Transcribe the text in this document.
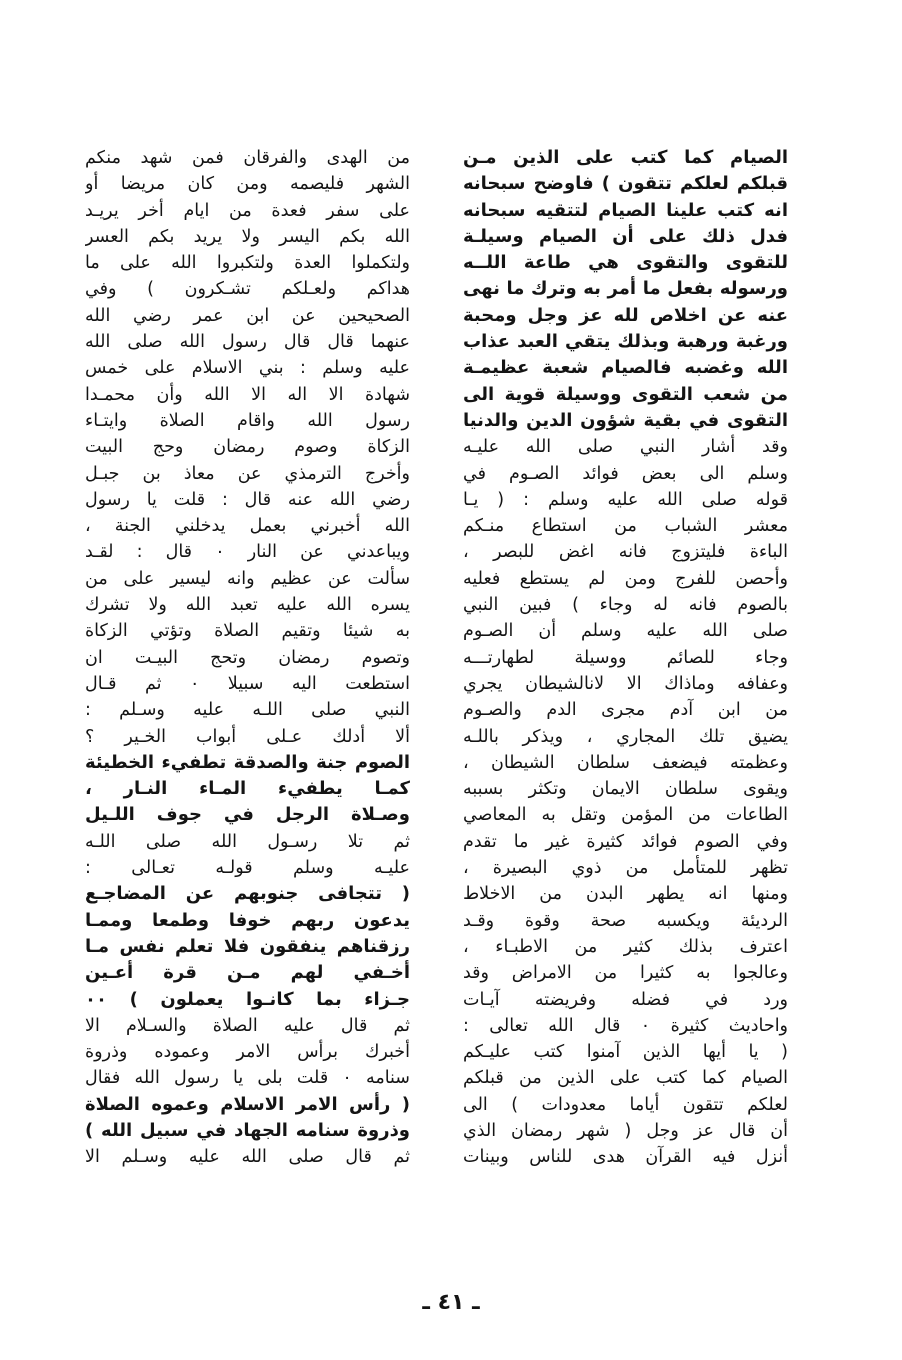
الصيام كما كتب على الذين مـن
قبلكم لعلكم تتقون ) فاوضح سبحانه
انه كتب علينا الصيام لتتقيه سبحانه
فدل ذلك على أن الصيام وسيلـة
للتقوى والتقوى هي طاعة اللــه
ورسوله بفعل ما أمر به وترك ما نهى
عنه عن اخلاص لله عز وجل ومحبة
ورغبة ورهبة وبذلك يتقي العبد عذاب
الله وغضبه فالصيام شعبة عظيمـة
من شعب التقوى ووسيلة قوية الى
التقوى في بقية شؤون الدين والدنيا
وقد أشار النبي صلى الله عليـه
وسلم الى بعض فوائد الصـوم في
قوله صلى الله عليه وسلم : ( يـا
معشر الشباب من استطاع منـكم
الباءة فليتزوج فانه اغض للبصر ،
وأحصن للفرج ومن لم يستطع فعليه
بالصوم فانه له وجاء ) فبين النبي
صلى الله عليه وسلم أن الصـوم
وجاء للصائم ووسيلة لطهارتـــه
وعفافه وماذاك الا لانالشيطان يجري
من ابن آدم مجرى الدم والصـوم
يضيق تلك المجاري ، ويذكر باللـه
وعظمته فيضعف سلطان الشيطان ،
ويقوى سلطان الايمان وتكثر بسببه
الطاعات من المؤمن وتقل به المعاصي
وفي الصوم فوائد كثيرة غير ما تقدم
تظهر للمتأمل من ذوي البصيرة ،
ومنها انه يطهر البدن من الاخلاط
الرديئة ويكسبه صحة وقوة وقـد
اعترف بذلك كثير من الاطبـاء ،
وعالجوا به كثيرا من الامراض وقد
ورد في فضله وفريضته آيـات
واحاديث كثيرة ٠ قال الله تعالى :
( يا أيها الذين آمنوا كتب عليـكم
الصيام كما كتب على الذين من قبلكم
لعلكم تتقون أياما معدودات ) الى
أن قال عز وجل ( شهر رمضان الذي
أنزل فيه القرآن هدى للناس وبينات
من الهدى والفرقان فمن شهد منكم
الشهر فليصمه ومن كان مريضا أو
على سفر فعدة من ايام أخر يريـد
الله بكم اليسر ولا يريد بكم العسر
ولتكملوا العدة ولتكبروا الله على ما
هداكم ولعـلكم تشـكرون ) وفي
الصحيحين عن ابن عمر رضي الله
عنهما قال قال رسول الله صلى الله
عليه وسلم : بني الاسلام على خمس
شهادة الا اله الا الله وأن محمـدا
رسول الله واقام الصلاة وايتـاء
الزكاة وصوم رمضان وحج البيت
وأخرج الترمذي عن معاذ بن جبـل
رضي الله عنه قال : قلت يا رسول
الله أخبرني بعمل يدخلني الجنة ،
ويباعدني عن النار ٠ قال : لقـد
سألت عن عظيم وانه ليسير على من
يسره الله عليه تعبد الله ولا تشرك
به شيئا وتقيم الصلاة وتؤتي الزكاة
وتصوم رمضان وتحج البيـت ان
استطعت اليه سبيلا ٠ ثم قـال
النبي صلى اللـه عليه وسـلم :
ألا أدلك عـلى أبواب الخـير ؟
الصوم جنة والصدقة تطفيء الخطيئة
كمـا يطفيء المـاء النـار ،
وصـلاة الرجل في جوف اللـيل
ثم تلا رسـول الله صلى اللـه
عليـه وسلم قولـه تعـالى :
( تتجافى جنوبهم عن المضاجـع
يدعون ربهم خوفا وطمعا وممـا
رزقناهم ينفقون فلا تعلم نفس مـا
أخـفي لهم مـن قرة أعـين
جـزاء بما كانـوا يعملون ) ٠٠
ثم قال عليه الصلاة والسـلام الا
أخبرك برأس الامر وعموده وذروة
سنامه ٠ قلت بلى يا رسول الله فقال
( رأس الامر الاسلام وعموه الصلاة
وذروة سنامه الجهاد في سبيل الله )
ثم قال صلى الله عليه وسـلم الا
ـ ٤١ ـ
